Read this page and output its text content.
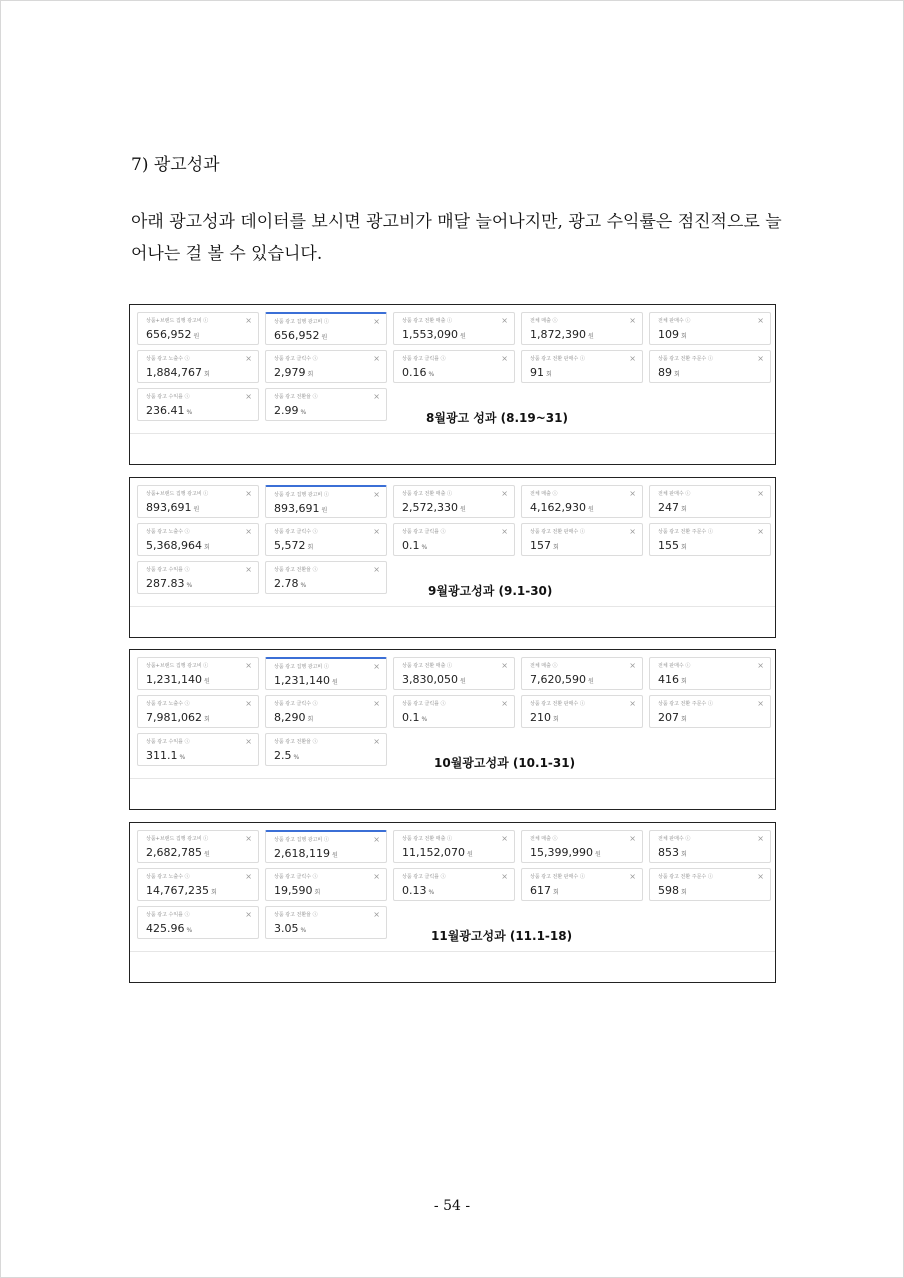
7) 광고성과
아래 광고성과 데이터를 보시면 광고비가 매달 늘어나지만, 광고 수익률은 점진적으로 늘어나는 걸 볼 수 있습니다.
상품+브랜드 집행 광고비 ⓘ
656,952 원
×	상품 광고 집행 광고비 ⓘ
656,952 원
×	상품 광고 전환 매출 ⓘ
1,553,090 원
×	전체 매출 ⓘ
1,872,390 원
×	전체 판매수 ⓘ
109 회
×
상품 광고 노출수 ⓘ
1,884,767 회
×	상품 광고 클릭수 ⓘ
2,979 회
×	상품 광고 클릭률 ⓘ
0.16 %
×	상품 광고 전환 판매수 ⓘ
91 회
×	상품 광고 전환 주문수 ⓘ
89 회
×
상품 광고 수익률 ⓘ
236.41 %
×	상품 광고 전환율 ⓘ
2.99 %
×
8월광고 성과 (8.19~31)
상품+브랜드 집행 광고비 ⓘ
893,691 원
×	상품 광고 집행 광고비 ⓘ
893,691 원
×	상품 광고 전환 매출 ⓘ
2,572,330 원
×	전체 매출 ⓘ
4,162,930 원
×	전체 판매수 ⓘ
247 회
×
상품 광고 노출수 ⓘ
5,368,964 회
×	상품 광고 클릭수 ⓘ
5,572 회
×	상품 광고 클릭률 ⓘ
0.1 %
×	상품 광고 전환 판매수 ⓘ
157 회
×	상품 광고 전환 주문수 ⓘ
155 회
×
상품 광고 수익률 ⓘ
287.83 %
×	상품 광고 전환율 ⓘ
2.78 %
×
9월광고성과 (9.1-30)
상품+브랜드 집행 광고비 ⓘ
1,231,140 원
×	상품 광고 집행 광고비 ⓘ
1,231,140 원
×	상품 광고 전환 매출 ⓘ
3,830,050 원
×	전체 매출 ⓘ
7,620,590 원
×	전체 판매수 ⓘ
416 회
×
상품 광고 노출수 ⓘ
7,981,062 회
×	상품 광고 클릭수 ⓘ
8,290 회
×	상품 광고 클릭률 ⓘ
0.1 %
×	상품 광고 전환 판매수 ⓘ
210 회
×	상품 광고 전환 주문수 ⓘ
207 회
×
상품 광고 수익률 ⓘ
311.1 %
×	상품 광고 전환율 ⓘ
2.5 %
×
10월광고성과 (10.1-31)
상품+브랜드 집행 광고비 ⓘ
2,682,785 원
×	상품 광고 집행 광고비 ⓘ
2,618,119 원
×	상품 광고 전환 매출 ⓘ
11,152,070 원
×	전체 매출 ⓘ
15,399,990 원
×	전체 판매수 ⓘ
853 회
×
상품 광고 노출수 ⓘ
14,767,235 회
×	상품 광고 클릭수 ⓘ
19,590 회
×	상품 광고 클릭률 ⓘ
0.13 %
×	상품 광고 전환 판매수 ⓘ
617 회
×	상품 광고 전환 주문수 ⓘ
598 회
×
상품 광고 수익률 ⓘ
425.96 %
×	상품 광고 전환율 ⓘ
3.05 %
×
11월광고성과 (11.1-18)
- 54 -
